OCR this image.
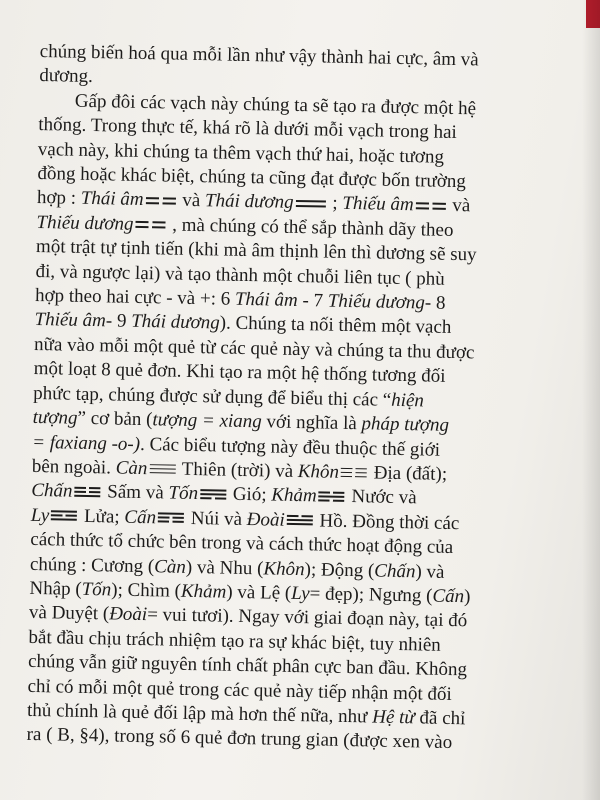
chúng biến hoá qua mỗi lần như vậy thành hai cực, âm và
dương.
Gấp đôi các vạch này chúng ta sẽ tạo ra được một hệ
thống. Trong thực tế, khá rõ là dưới mỗi vạch trong hai
vạch này, khi chúng ta thêm vạch thứ hai, hoặc tương
đồng hoặc khác biệt, chúng ta cũng đạt được bốn trường
hợp : Thái âm và Thái dương ; Thiếu âm và
Thiếu dương , mà chúng có thể sắp thành dãy theo
một trật tự tịnh tiến (khi mà âm thịnh lên thì dương sẽ suy
đi, và ngược lại) và tạo thành một chuỗi liên tục ( phù
hợp theo hai cực - và +: 6 Thái âm - 7 Thiếu dương- 8
Thiếu âm- 9 Thái dương). Chúng ta nối thêm một vạch
nữa vào mỗi một quẻ từ các quẻ này và chúng ta thu được
một loạt 8 quẻ đơn. Khi tạo ra một hệ thống tương đối
phức tạp, chúng được sử dụng để biểu thị các “hiện
tượng” cơ bản (tượng = xiang với nghĩa là pháp tượng
= faxiang -o-). Các biểu tượng này đều thuộc thế giới
bên ngoài. Càn
Thiên (trời) và Khôn
Địa (đất);
Chấn
Sấm và Tốn
Gió; Khảm
Nước và
Ly
Lửa; Cấn
Núi và Đoài
Hồ. Đồng thời các
cách thức tổ chức bên trong và cách thức hoạt động của
chúng : Cương (Càn) và Nhu (Khôn); Động (Chấn) và
Nhập (Tốn); Chìm (Khảm) và Lệ (Ly= đẹp); Ngưng (Cấn)
và Duyệt (Đoài= vui tươi). Ngay với giai đoạn này, tại đó
bắt đầu chịu trách nhiệm tạo ra sự khác biệt, tuy nhiên
chúng vẫn giữ nguyên tính chất phân cực ban đầu. Không
chỉ có mỗi một quẻ trong các quẻ này tiếp nhận một đối
thủ chính là quẻ đối lập mà hơn thế nữa, như Hệ từ đã chỉ
ra ( B, §4), trong số 6 quẻ đơn trung gian (được xen vào
